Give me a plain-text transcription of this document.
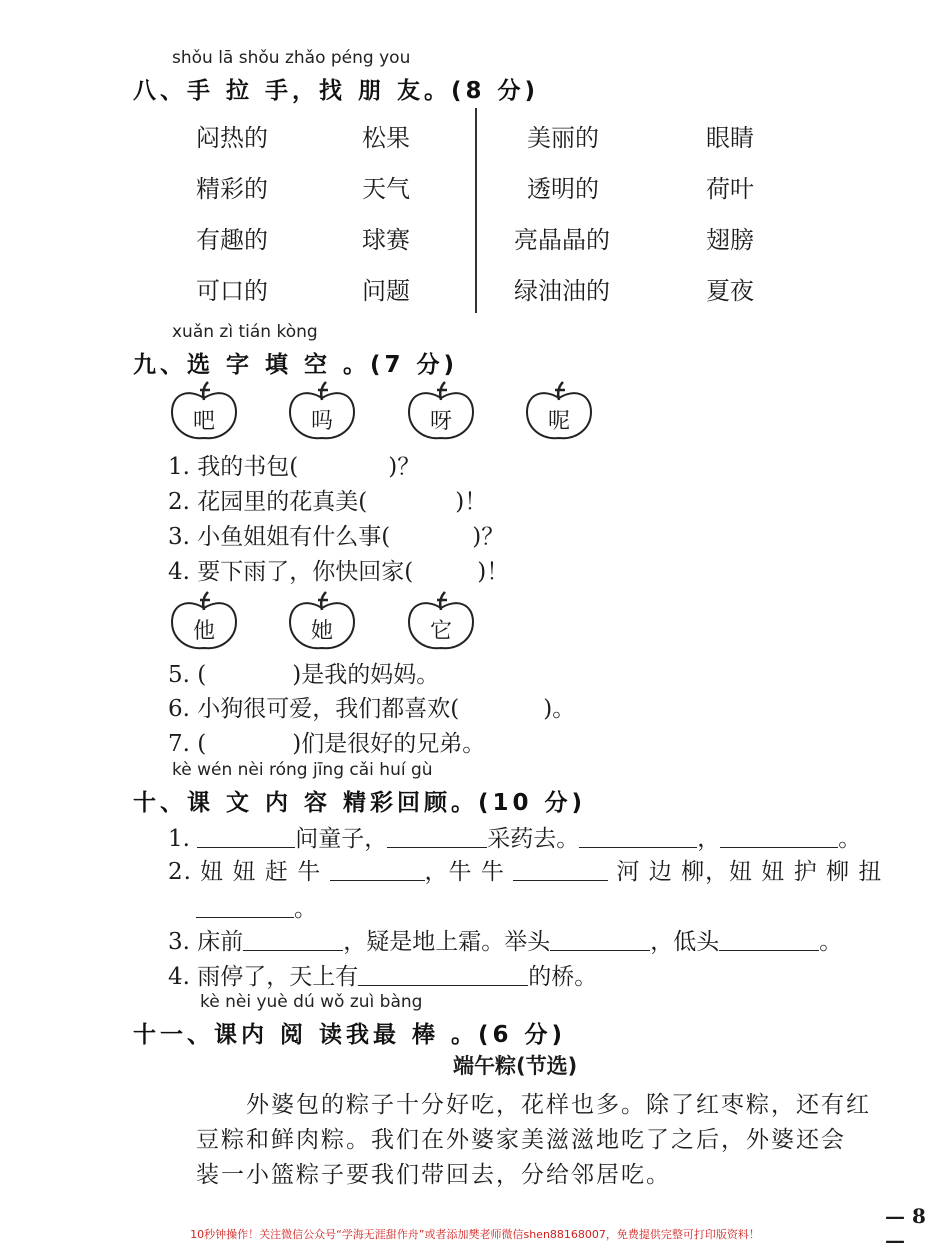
shǒu lā shǒu zhǎo péng you
八、手 拉 手，找 朋 友。(8 分)
闷热的	松果
精彩的	天气
有趣的	球赛
可口的	问题
美丽的	眼睛
透明的	荷叶
亮晶晶的	翅膀
绿油油的	夏夜
xuǎn zì tián kòng
九、选 字 填 空 。(7 分)
吧	吗	呀	呢
1. 我的书包(	)？
2. 花园里的花真美(	)！
3. 小鱼姐姐有什么事(	)？
4. 要下雨了，你快回家(	)！
他	她	它
5. (	)是我的妈妈。
6. 小狗很可爱，我们都喜欢(	)。
7. (	)们是很好的兄弟。
kè wén nèi róng jīng cǎi huí gù
十、课 文 内 容 精彩回顾。(10 分)
1.	问童子，	采药去。	，	。
2. 妞 妞 赶 牛	，牛 牛	河 边 柳，妞 妞 护 柳 扭
。
3. 床前	，疑是地上霜。举头	，低头	。
4. 雨停了，天上有	的桥。
kè nèi yuè dú wǒ zuì bàng
十一、课内 阅 读我最 棒 。(6 分)
端午粽(节选)
外婆包的粽子十分好吃，花样也多。除了红枣粽，还有红
豆粽和鲜肉粽。我们在外婆家美滋滋地吃了之后，外婆还会
装一小篮粽子要我们带回去，分给邻居吃。
— 8 —
10秒钟操作！关注微信公众号“学海无涯甜作舟”或者添加樊老师微信shen88168007，免费提供完整可打印版资料！
